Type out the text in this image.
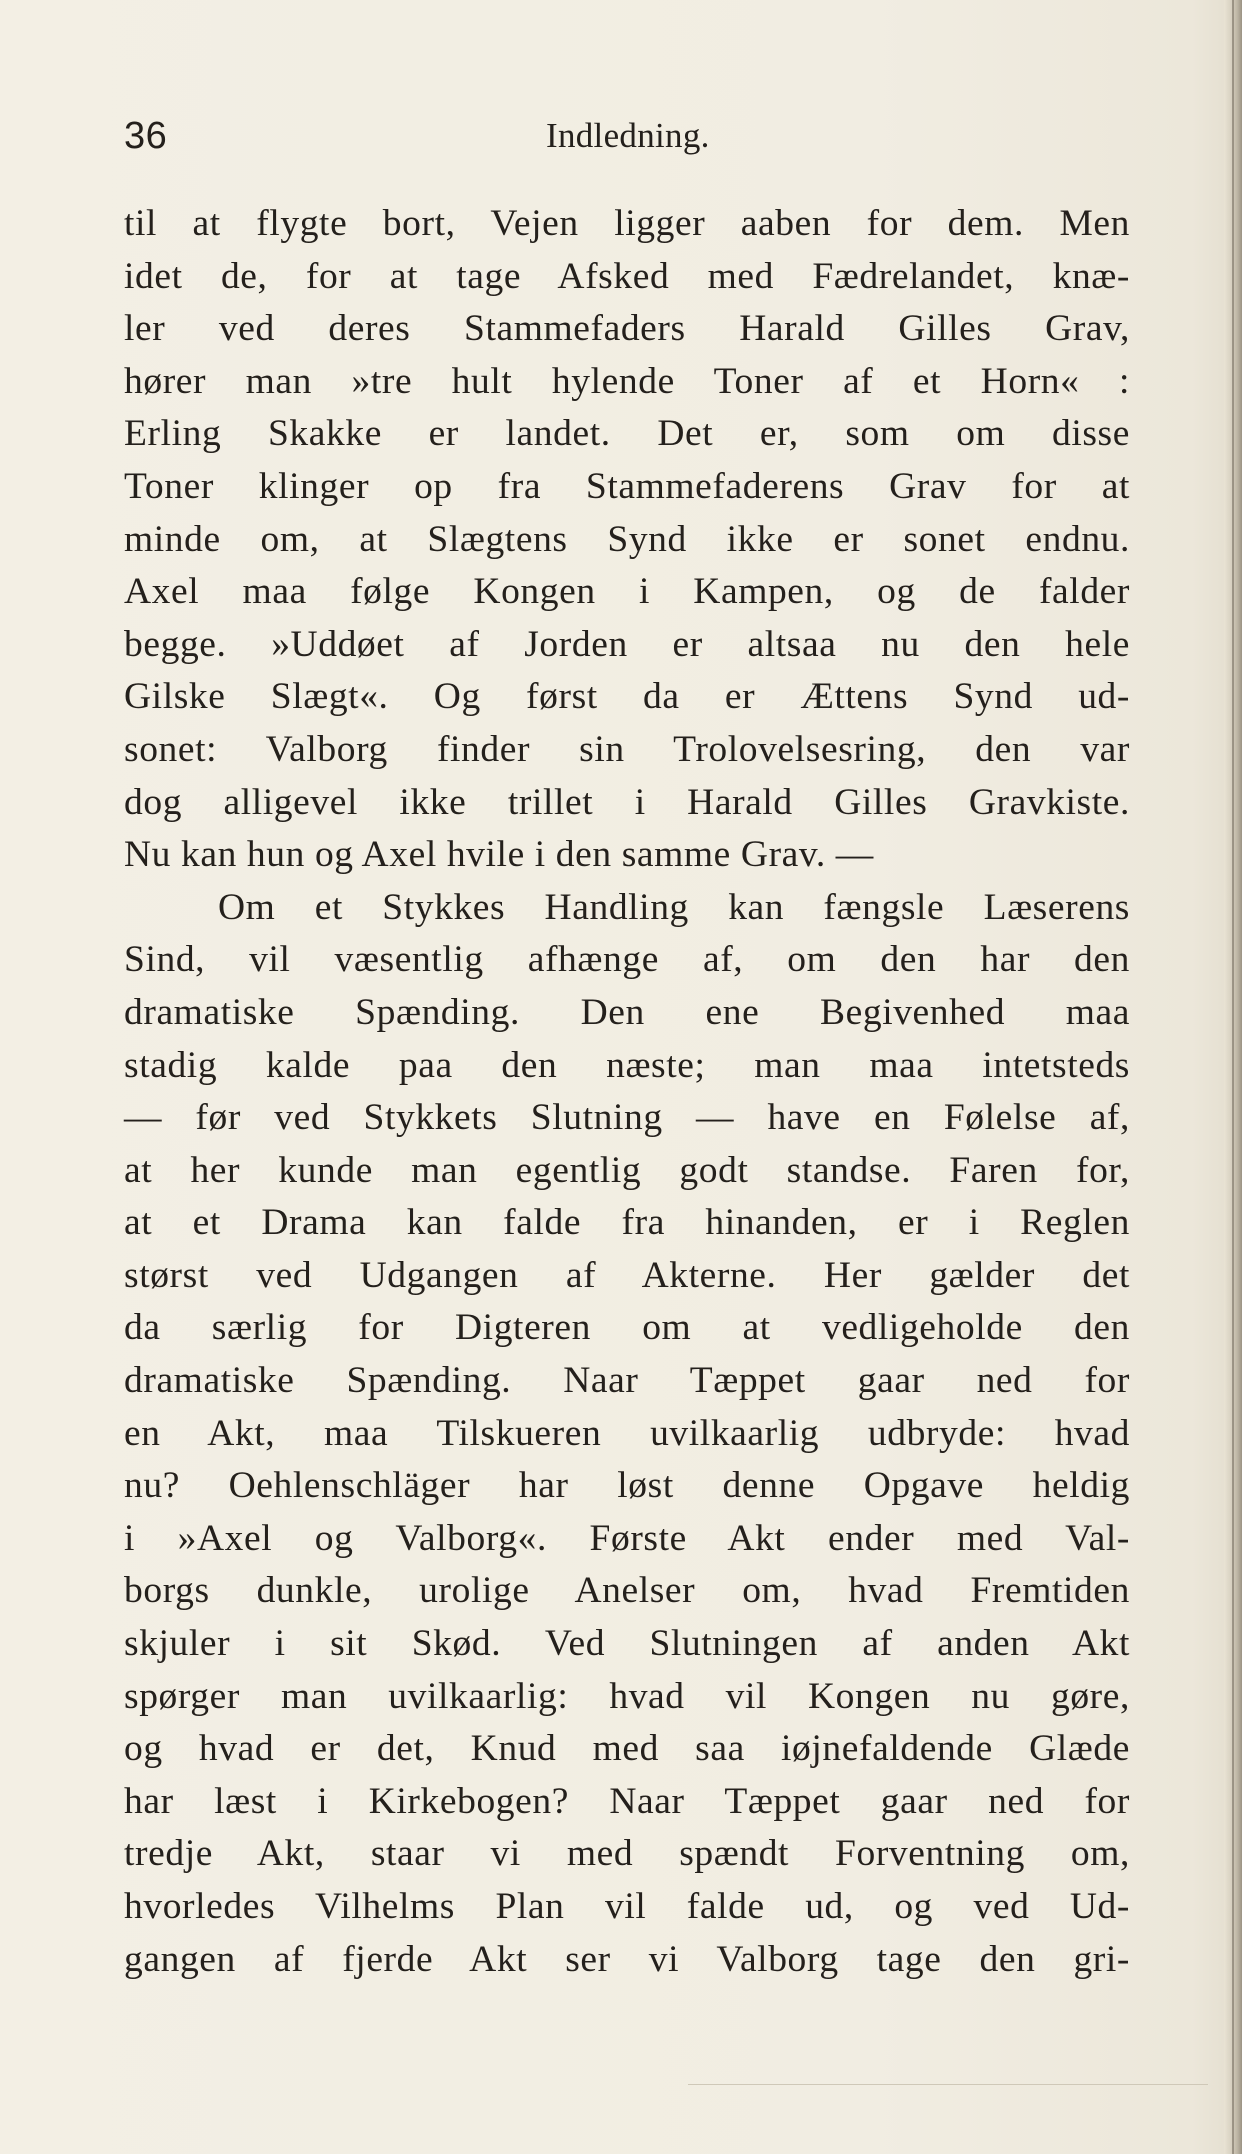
36	Indledning.
til at flygte bort, Vejen ligger aaben for dem. Men
idet de, for at tage Afsked med Fædrelandet, knæ-
ler ved deres Stammefaders Harald Gilles Grav,
hører man »tre hult hylende Toner af et Horn« :
Erling Skakke er landet. Det er, som om disse
Toner klinger op fra Stammefaderens Grav for at
minde om, at Slægtens Synd ikke er sonet endnu.
Axel maa følge Kongen i Kampen, og de falder
begge. »Uddøet af Jorden er altsaa nu den hele
Gilske Slægt«. Og først da er Ættens Synd ud-
sonet: Valborg finder sin Trolovelsesring, den var
dog alligevel ikke trillet i Harald Gilles Gravkiste.
Nu kan hun og Axel hvile i den samme Grav. —
Om et Stykkes Handling kan fængsle Læserens
Sind, vil væsentlig afhænge af, om den har den
dramatiske Spænding. Den ene Begivenhed maa
stadig kalde paa den næste; man maa intetsteds
— før ved Stykkets Slutning — have en Følelse af,
at her kunde man egentlig godt standse. Faren for,
at et Drama kan falde fra hinanden, er i Reglen
størst ved Udgangen af Akterne. Her gælder det
da særlig for Digteren om at vedligeholde den
dramatiske Spænding. Naar Tæppet gaar ned for
en Akt, maa Tilskueren uvilkaarlig udbryde: hvad
nu? Oehlenschläger har løst denne Opgave heldig
i »Axel og Valborg«. Første Akt ender med Val-
borgs dunkle, urolige Anelser om, hvad Fremtiden
skjuler i sit Skød. Ved Slutningen af anden Akt
spørger man uvilkaarlig: hvad vil Kongen nu gøre,
og hvad er det, Knud med saa iøjnefaldende Glæde
har læst i Kirkebogen? Naar Tæppet gaar ned for
tredje Akt, staar vi med spændt Forventning om,
hvorledes Vilhelms Plan vil falde ud, og ved Ud-
gangen af fjerde Akt ser vi Valborg tage den gri-
